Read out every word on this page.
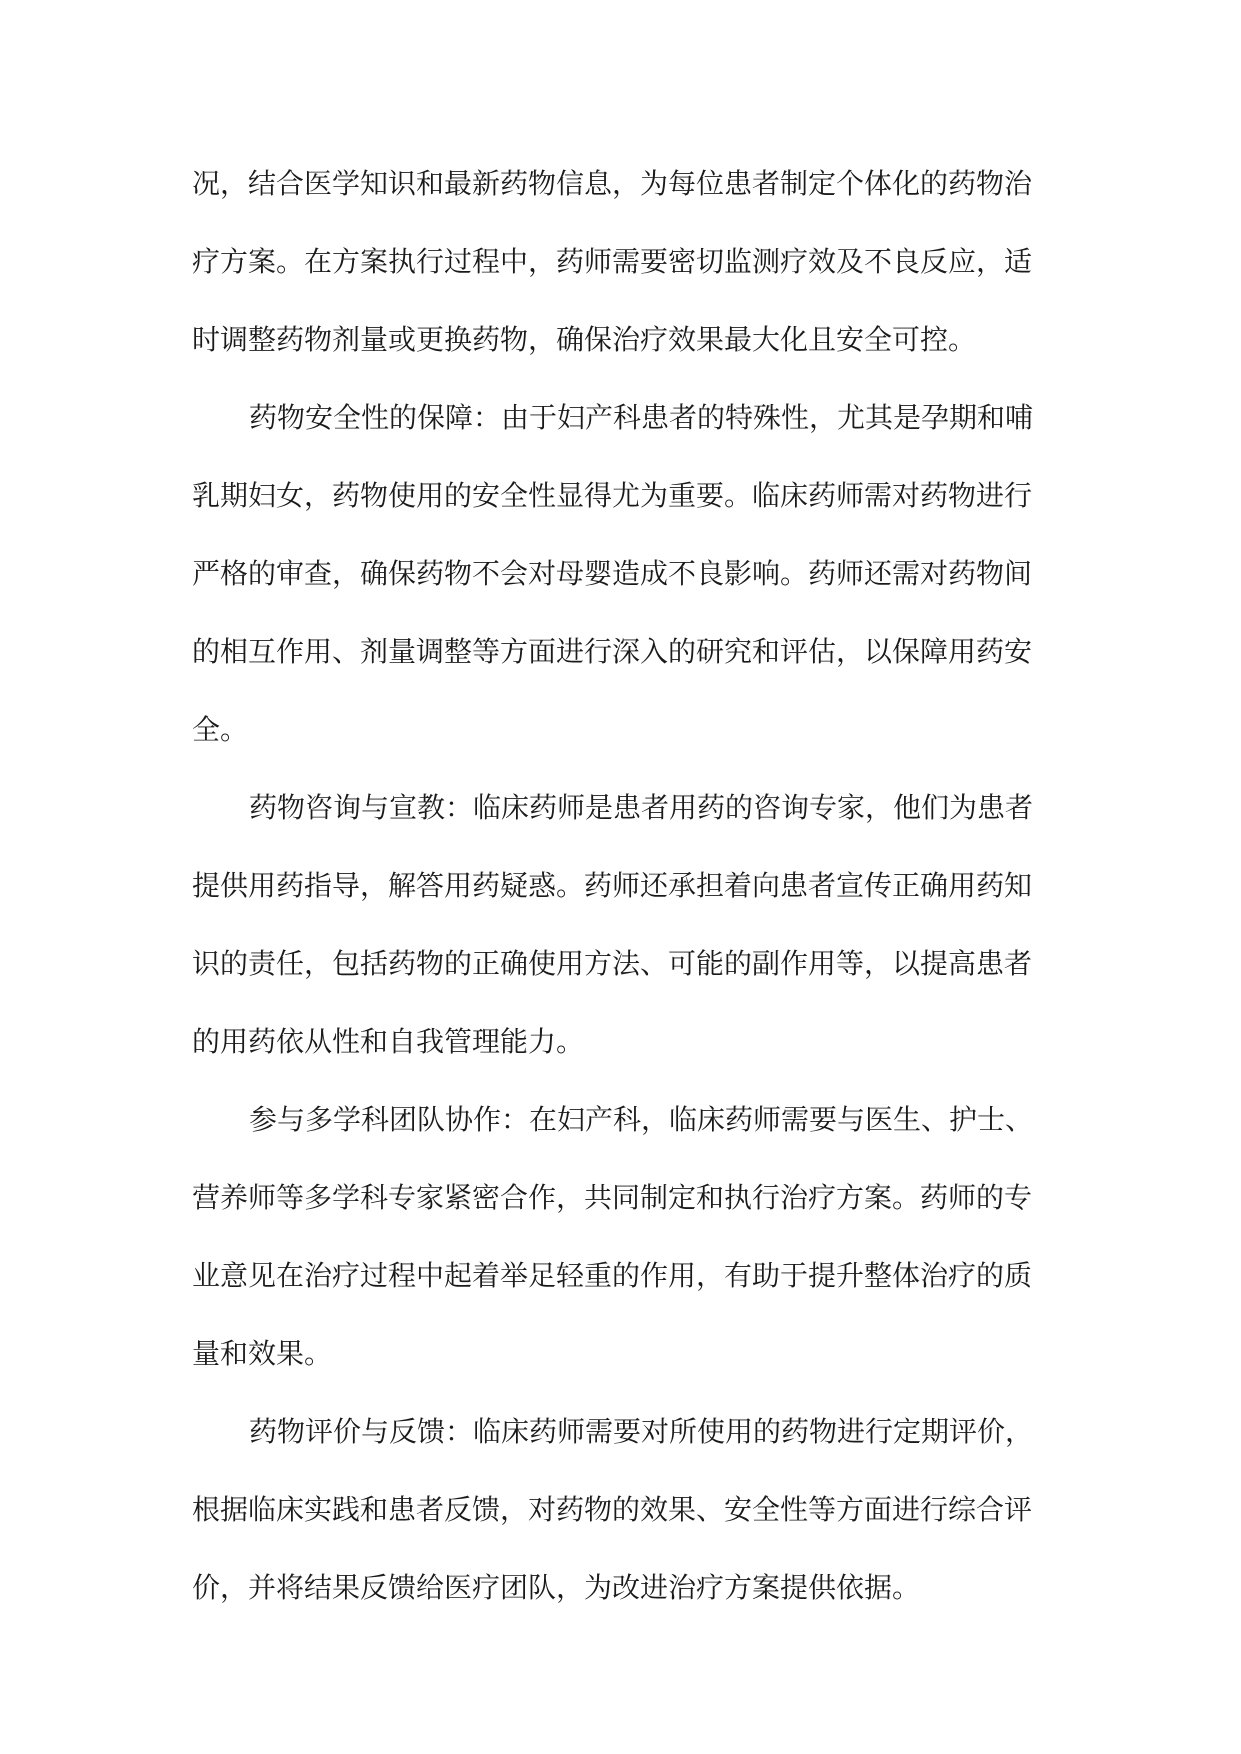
况，结合医学知识和最新药物信息，为每位患者制定个体化的药物治
疗方案。在方案执行过程中，药师需要密切监测疗效及不良反应，适
时调整药物剂量或更换药物，确保治疗效果最大化且安全可控。
药物安全性的保障：由于妇产科患者的特殊性，尤其是孕期和哺
乳期妇女，药物使用的安全性显得尤为重要。临床药师需对药物进行
严格的审查，确保药物不会对母婴造成不良影响。药师还需对药物间
的相互作用、剂量调整等方面进行深入的研究和评估，以保障用药安
全。
药物咨询与宣教：临床药师是患者用药的咨询专家，他们为患者
提供用药指导，解答用药疑惑。药师还承担着向患者宣传正确用药知
识的责任，包括药物的正确使用方法、可能的副作用等，以提高患者
的用药依从性和自我管理能力。
参与多学科团队协作：在妇产科，临床药师需要与医生、护士、
营养师等多学科专家紧密合作，共同制定和执行治疗方案。药师的专
业意见在治疗过程中起着举足轻重的作用，有助于提升整体治疗的质
量和效果。
药物评价与反馈：临床药师需要对所使用的药物进行定期评价，
根据临床实践和患者反馈，对药物的效果、安全性等方面进行综合评
价，并将结果反馈给医疗团队，为改进治疗方案提供依据。
